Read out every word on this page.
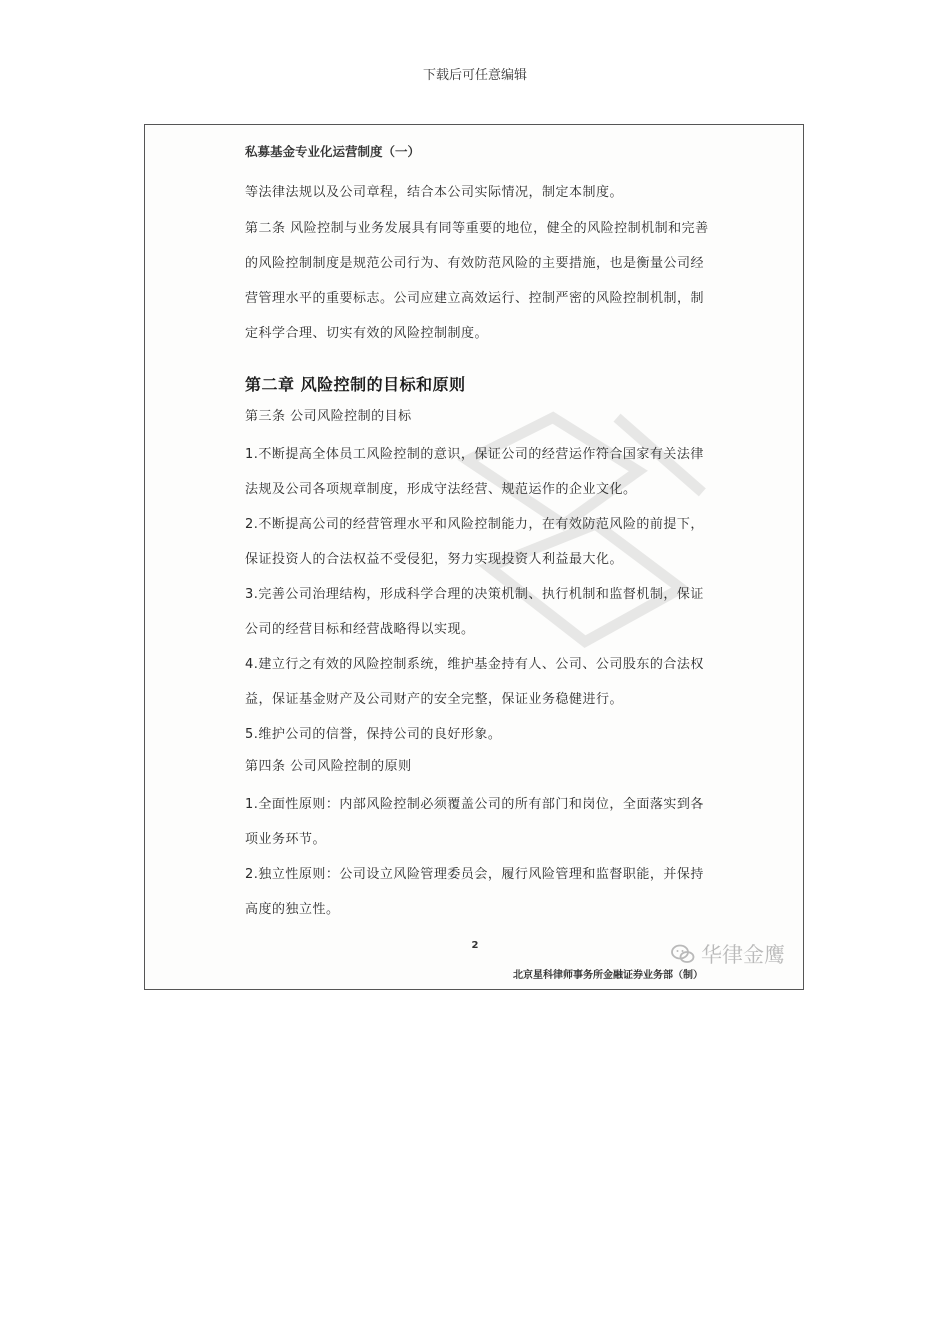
下载后可任意编辑
私募基金专业化运营制度（一）
等法律法规以及公司章程，结合本公司实际情况，制定本制度。
第二条 风险控制与业务发展具有同等重要的地位，健全的风险控制机制和完善的风险控制制度是规范公司行为、有效防范风险的主要措施，也是衡量公司经营管理水平的重要标志。公司应建立高效运行、控制严密的风险控制机制，制定科学合理、切实有效的风险控制制度。
第二章 风险控制的目标和原则
第三条 公司风险控制的目标
1.不断提高全体员工风险控制的意识，保证公司的经营运作符合国家有关法律法规及公司各项规章制度，形成守法经营、规范运作的企业文化。
2.不断提高公司的经营管理水平和风险控制能力，在有效防范风险的前提下，保证投资人的合法权益不受侵犯，努力实现投资人利益最大化。
3.完善公司治理结构，形成科学合理的决策机制、执行机制和监督机制，保证公司的经营目标和经营战略得以实现。
4.建立行之有效的风险控制系统，维护基金持有人、公司、公司股东的合法权益，保证基金财产及公司财产的安全完整，保证业务稳健进行。
5.维护公司的信誉，保持公司的良好形象。
第四条 公司风险控制的原则
1.全面性原则：内部风险控制必须覆盖公司的所有部门和岗位，全面落实到各项业务环节。
2.独立性原则：公司设立风险管理委员会，履行风险管理和监督职能，并保持高度的独立性。
2	华律金鹰
北京星科律师事务所金融证券业务部（制）
